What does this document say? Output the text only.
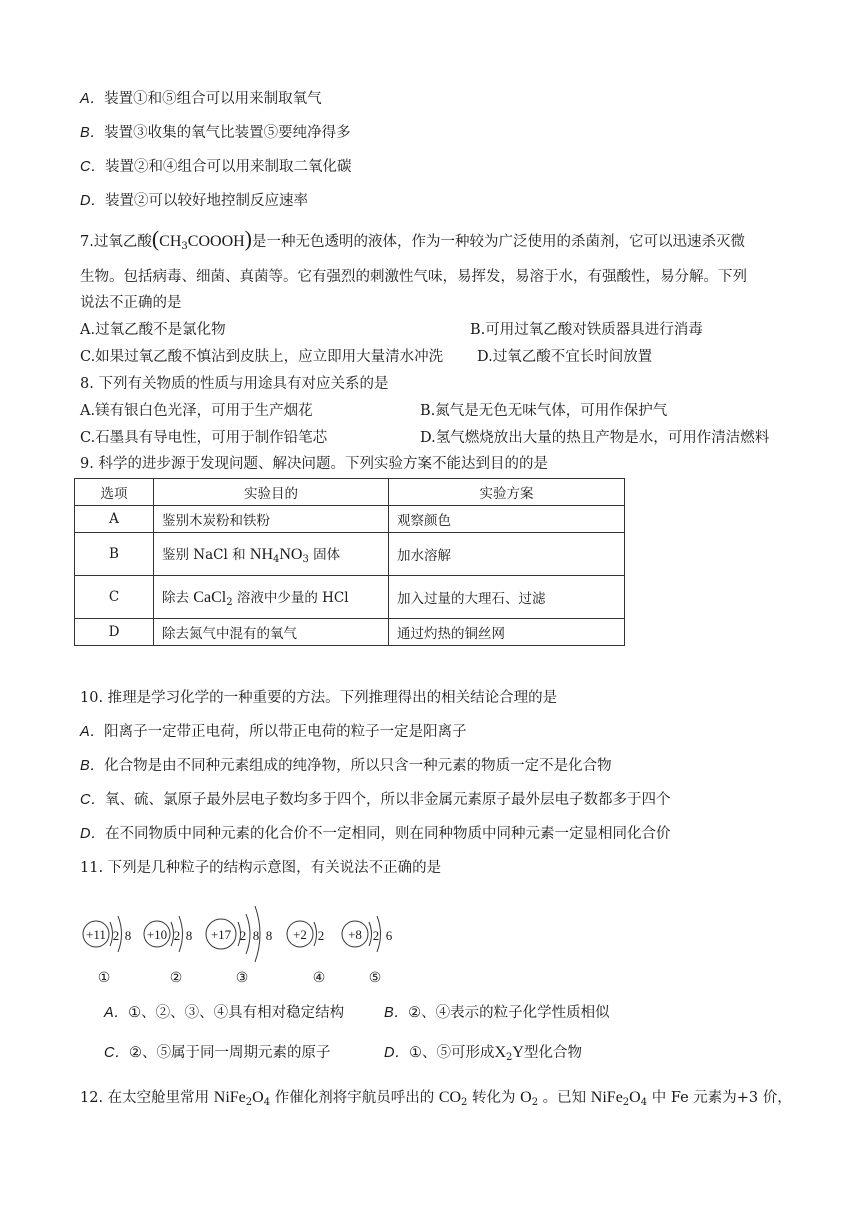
A．装置①和⑤组合可以用来制取氧气
B．装置③收集的氧气比装置⑤要纯净得多
C．装置②和④组合可以用来制取二氧化碳
D．装置②可以较好地控制反应速率
7.过氧乙酸$(CH_3COOOH)$是一种无色透明的液体，作为一种较为广泛使用的杀菌剂，它可以迅速杀灭微
生物。包括病毒、细菌、真菌等。它有强烈的刺激性气味，易挥发，易溶于水，有强酸性，易分解。下列
说法不正确的是
A.过氧乙酸不是氯化物	B.可用过氧乙酸对铁质器具进行消毒
C.如果过氧乙酸不慎沾到皮肤上，应立即用大量清水冲洗 D.过氧乙酸不宜长时间放置
8. 下列有关物质的性质与用途具有对应关系的是
A.镁有银白色光泽，可用于生产烟花	B.氮气是无色无味气体，可用作保护气
C.石墨具有导电性，可用于制作铅笔芯	D.氢气燃烧放出大量的热且产物是水，可用作清洁燃料
9. 科学的进步源于发现问题、解决问题。下列实验方案不能达到目的的是
选项	实验目的	实验方案
A	鉴别木炭粉和铁粉	观察颜色
B	鉴别 NaCl 和 $NH_4NO_3$ 固体	加水溶解
C	除去 CaCl$_2$ 溶液中少量的 HCl	加入过量的大理石、过滤
D	除去氮气中混有的氧气	通过灼热的铜丝网
10. 推理是学习化学的一种重要的方法。下列推理得出的相关结论合理的是
A．阳离子一定带正电荷，所以带正电荷的粒子一定是阳离子
B．化合物是由不同种元素组成的纯净物，所以只含一种元素的物质一定不是化合物
C．氧、硫、氯原子最外层电子数均多于四个，所以非金属元素原子最外层电子数都多于四个
D．在不同物质中同种元素的化合价不一定相同，则在同种物质中同种元素一定显相同化合价
11. 下列是几种粒子的结构示意图，有关说法不正确的是
+11 2 8
①
+10 2 8
②
+17 2 8 8
③
+2 2
④
+8 2 6
⑤
A．①、②、③、④具有相对稳定结构	B．②、④表示的粒子化学性质相似
C．②、⑤属于同一周期元素的原子	D．①、⑤可形成$X_2Y$型化合物
12. 在太空舱里常用 $NiFe_2O_4$ 作催化剂将宇航员呼出的 $CO_2$ 转化为 $O_2$ 。已知 $NiFe_2O_4$ 中 Fe 元素为+3 价，
